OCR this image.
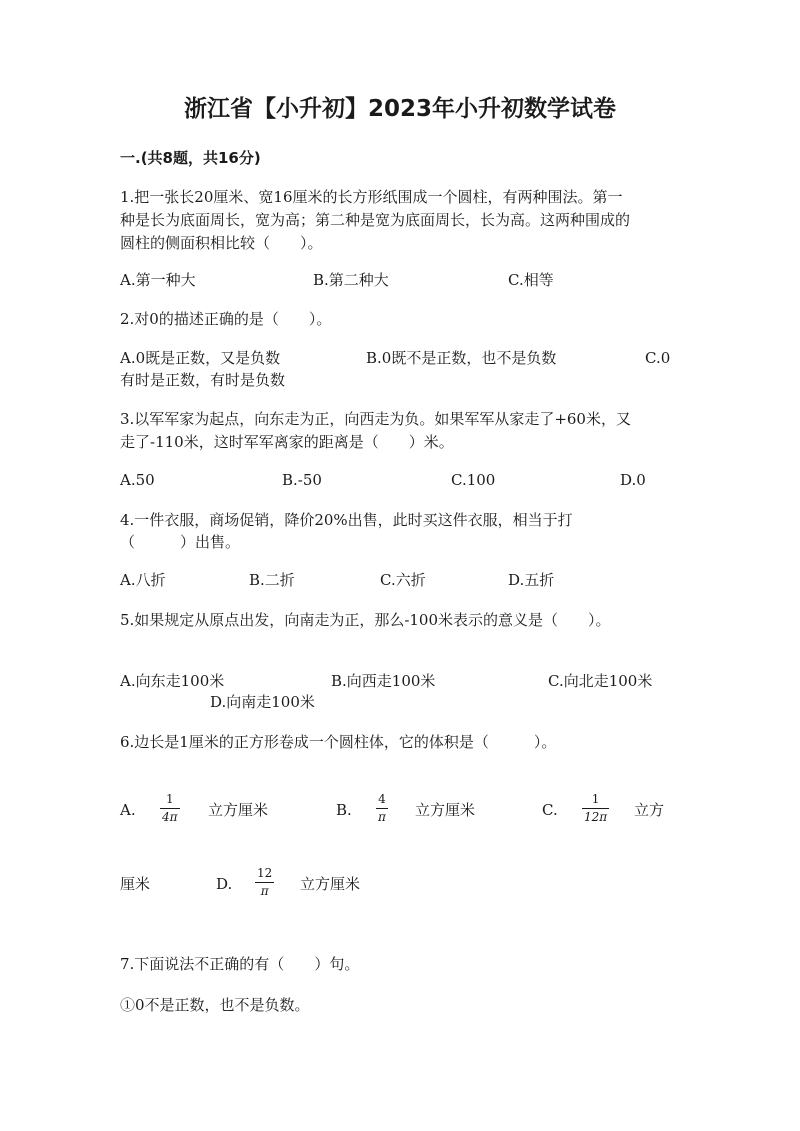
浙江省【小升初】2023年小升初数学试卷
一.(共8题，共16分)
1.把一张长20厘米、宽16厘米的长方形纸围成一个圆柱，有两种围法。第一
种是长为底面周长，宽为高；第二种是宽为底面周长，长为高。这两种围成的
圆柱的侧面积相比较（　　）。
A.第一种大	B.第二种大	C.相等
2.对0的描述正确的是（　　）。
A.0既是正数，又是负数	B.0既不是正数，也不是负数	C.0
有时是正数，有时是负数
3.以军军家为起点，向东走为正，向西走为负。如果军军从家走了+60米，又
走了-110米，这时军军离家的距离是（　　）米。
A.50	B.-50	C.100	D.0
4.一件衣服，商场促销，降价20%出售，此时买这件衣服，相当于打
（　　　）出售。
A.八折	B.二折	C.六折	D.五折
5.如果规定从原点出发，向南走为正，那么-100米表示的意义是（　　）。
A.向东走100米	B.向西走100米	C.向北走100米
D.向南走100米
6.边长是1厘米的正方形卷成一个圆柱体，它的体积是（　　　）。
A.
1
4π 立方厘米	B.
4
π 立方厘米	C.
1
12π 立方
厘米	D.
12
π 立方厘米
7.下面说法不正确的有（　　）句。
①0不是正数，也不是负数。
